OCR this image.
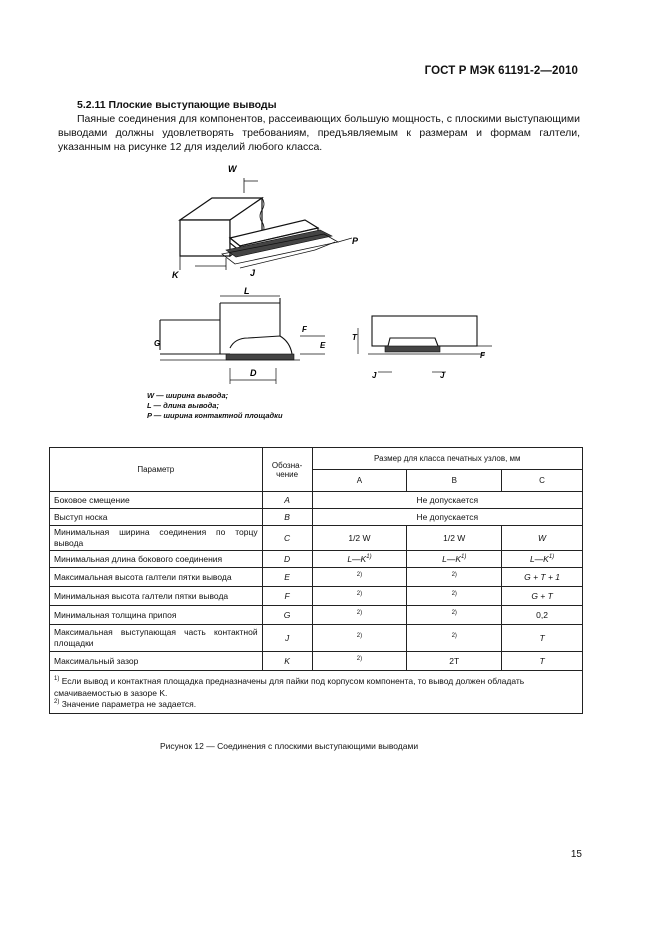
ГОСТ Р МЭК 61191-2—2010
5.2.11 Плоские выступающие выводы

Паяные соединения для компонентов, рассеивающих большую мощность, с плоскими выступающими выводами должны удовлетворять требованиям, предъявляемым к размерам и формам галтели, указанным на рисунке 12 для изделий любого класса.

W
K	J
P
L
G
F
E
D
T
J	J
F
W — ширина вывода;
L — длина вывода;
P — ширина контактной площадки
Параметр	Обозна-чение	Размер для класса печатных узлов, мм		
		A	B	C
Боковое смещение	A	Не допускается		
Выступ носка	B	Не допускается		
Минимальная ширина соединения по торцу вывода	C	1/2 W	1/2 W	W
Минимальная длина бокового соединения	D	$L—K^{1)}$	$L—K^{1)}$	$L—K^{1)}$
Максимальная высота галтели пятки вывода	E	$^{2)}$	$^{2)}$	G + T + 1
Минимальная высота галтели пятки вывода	F	$^{2)}$	$^{2)}$	G + T
Минимальная толщина припоя	G	$^{2)}$	$^{2)}$	0,2
Максимальная выступающая часть контактной площадки	J	$^{2)}$	$^{2)}$	T
Максимальный зазор	K	$^{2)}$	2T	T

$^{1)}$ Если вывод и контактная площадка предназначены для пайки под корпусом компонента, то вывод должен обладать смачиваемостью в зазоре K.
$^{2)}$ Значение параметра не задается.				
Рисунок 12 — Соединения с плоскими выступающими выводами
15
